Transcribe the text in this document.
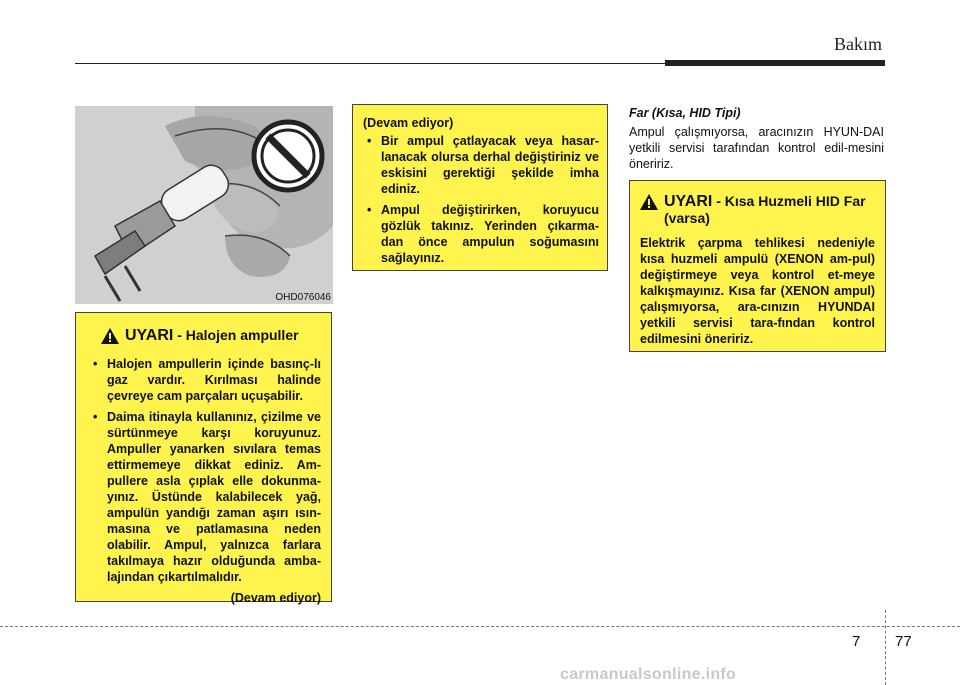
Bakım
OHD076046
UYARI - Halojen ampuller
• Halojen ampullerin içinde basınç-lı gaz vardır. Kırılması halinde çevreye cam parçaları uçuşabilir.
• Daima itinayla kullanınız, çizilme ve sürtünmeye karşı koruyunuz. Ampuller yanarken sıvılara temas ettirmemeye dikkat ediniz. Am-pullere asla çıplak elle dokunma-yınız. Üstünde kalabilecek yağ, ampulün yandığı zaman aşırı ısın-masına ve patlamasına neden olabilir. Ampul, yalnızca farlara takılmaya hazır olduğunda amba-lajından çıkartılmalıdır.
(Devam ediyor)
(Devam ediyor)
• Bir ampul çatlayacak veya hasar-lanacak olursa derhal değiştiriniz ve eskisini gerektiği şekilde imha ediniz.
• Ampul değiştirirken, koruyucu gözlük takınız. Yerinden çıkarma-dan önce ampulun soğumasını sağlayınız.
Far (Kısa, HID Tipi)
Ampul çalışmıyorsa, aracınızın HYUN-DAI yetkili servisi tarafından kontrol edil-mesini öneririz.
UYARI - Kısa Huzmeli HID Far (varsa)
Elektrik çarpma tehlikesi nedeniyle kısa huzmeli ampulü (XENON am-pul) değiştirmeye veya kontrol et-meye kalkışmayınız. Kısa far (XENON ampul) çalışmıyorsa, ara-cınızın HYUNDAI yetkili servisi tara-fından kontrol edilmesini öneririz.
7 77
carmanualsonline.info
